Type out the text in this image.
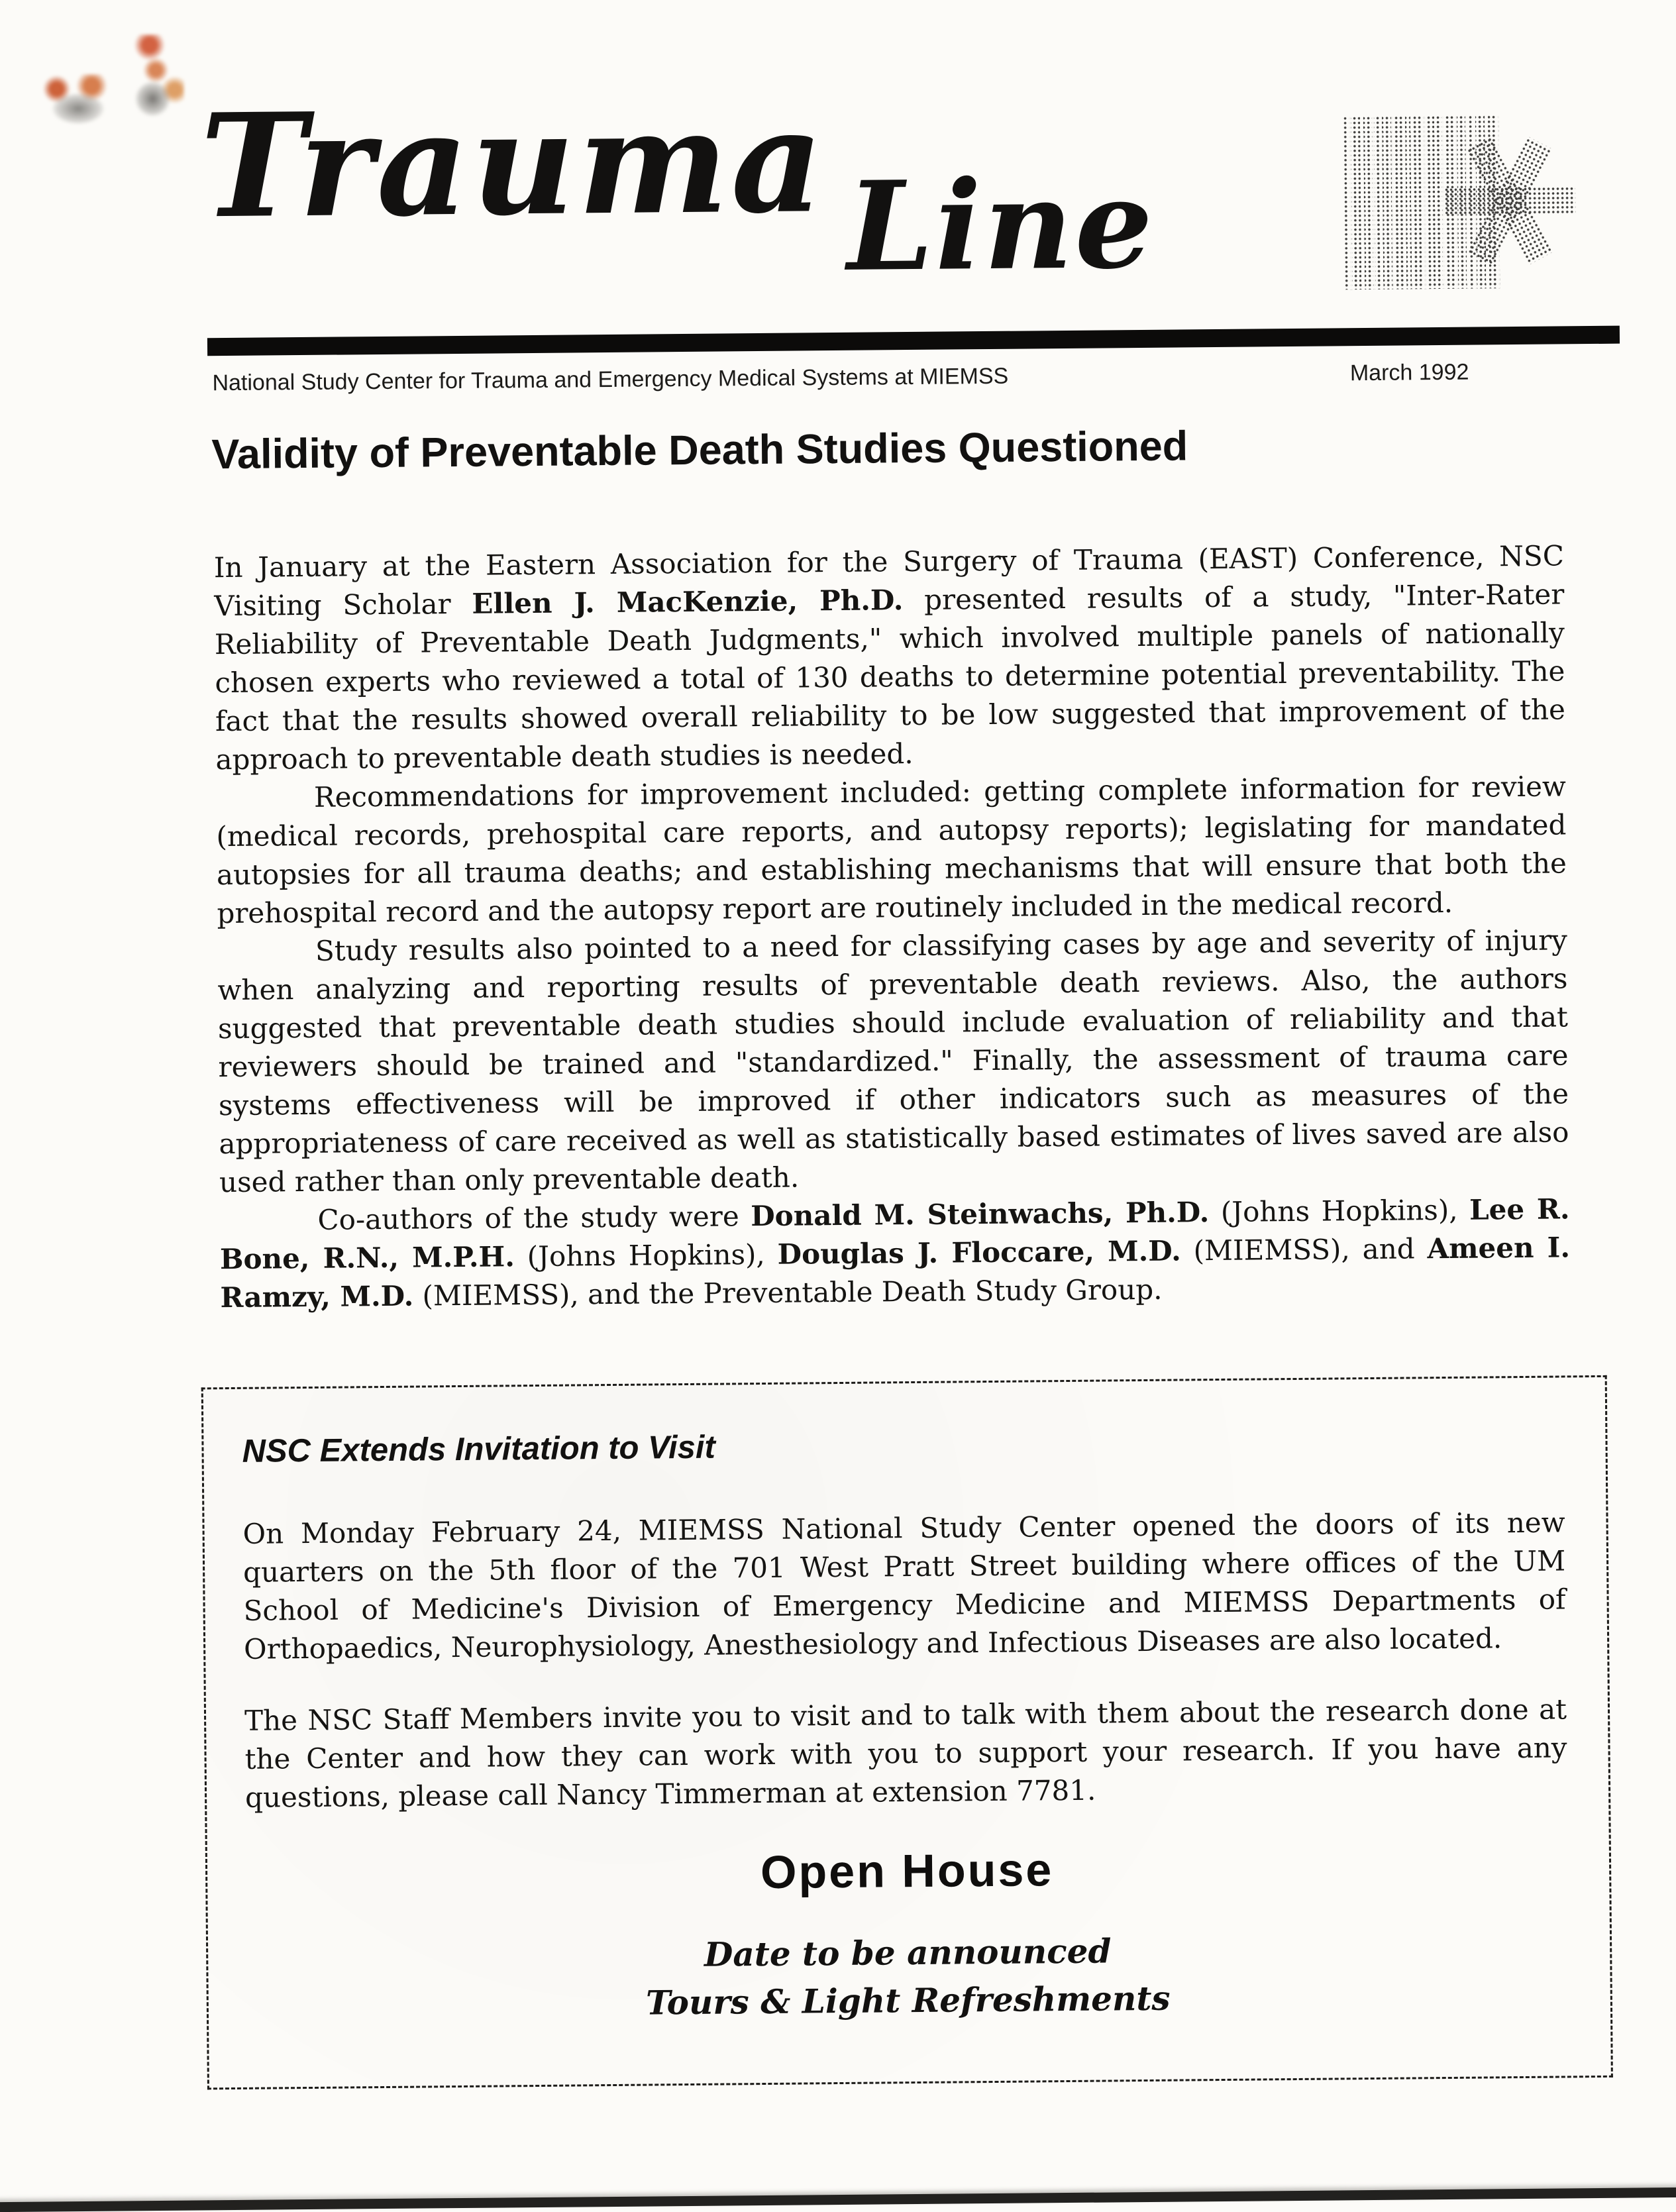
Trauma Line
National Study Center for Trauma and Emergency Medical Systems at MIEMSS	March 1992
Validity of Preventable Death Studies Questioned

In January at the Eastern Association for the Surgery of Trauma (EAST) Conference, NSC Visiting Scholar Ellen J. MacKenzie, Ph.D. presented results of a study, "Inter-Rater Reliability of Preventable Death Judgments," which involved multiple panels of nationally chosen experts who reviewed a total of 130 deaths to determine potential preventability. The fact that the results showed overall reliability to be low suggested that improvement of the approach to preventable death studies is needed.

Recommendations for improvement included: getting complete information for review (medical records, prehospital care reports, and autopsy reports); legislating for mandated autopsies for all trauma deaths; and establishing mechanisms that will ensure that both the prehospital record and the autopsy report are routinely included in the medical record.

Study results also pointed to a need for classifying cases by age and severity of injury when analyzing and reporting results of preventable death reviews. Also, the authors suggested that preventable death studies should include evaluation of reliability and that reviewers should be trained and "standardized." Finally, the assessment of trauma care systems effectiveness will be improved if other indicators such as measures of the appropriateness of care received as well as statistically based estimates of lives saved are also used rather than only preventable death.

Co-authors of the study were Donald M. Steinwachs, Ph.D. (Johns Hopkins), Lee R. Bone, R.N., M.P.H. (Johns Hopkins), Douglas J. Floccare, M.D. (MIEMSS), and Ameen I. Ramzy, M.D. (MIEMSS), and the Preventable Death Study Group.

NSC Extends Invitation to Visit

On Monday February 24, MIEMSS National Study Center opened the doors of its new quarters on the 5th floor of the 701 West Pratt Street building where offices of the UM School of Medicine's Division of Emergency Medicine and MIEMSS Departments of Orthopaedics, Neurophysiology, Anesthesiology and Infectious Diseases are also located.

The NSC Staff Members invite you to visit and to talk with them about the research done at the Center and how they can work with you to support your research. If you have any questions, please call Nancy Timmerman at extension 7781.

Open House
Date to be announced
Tours & Light Refreshments
